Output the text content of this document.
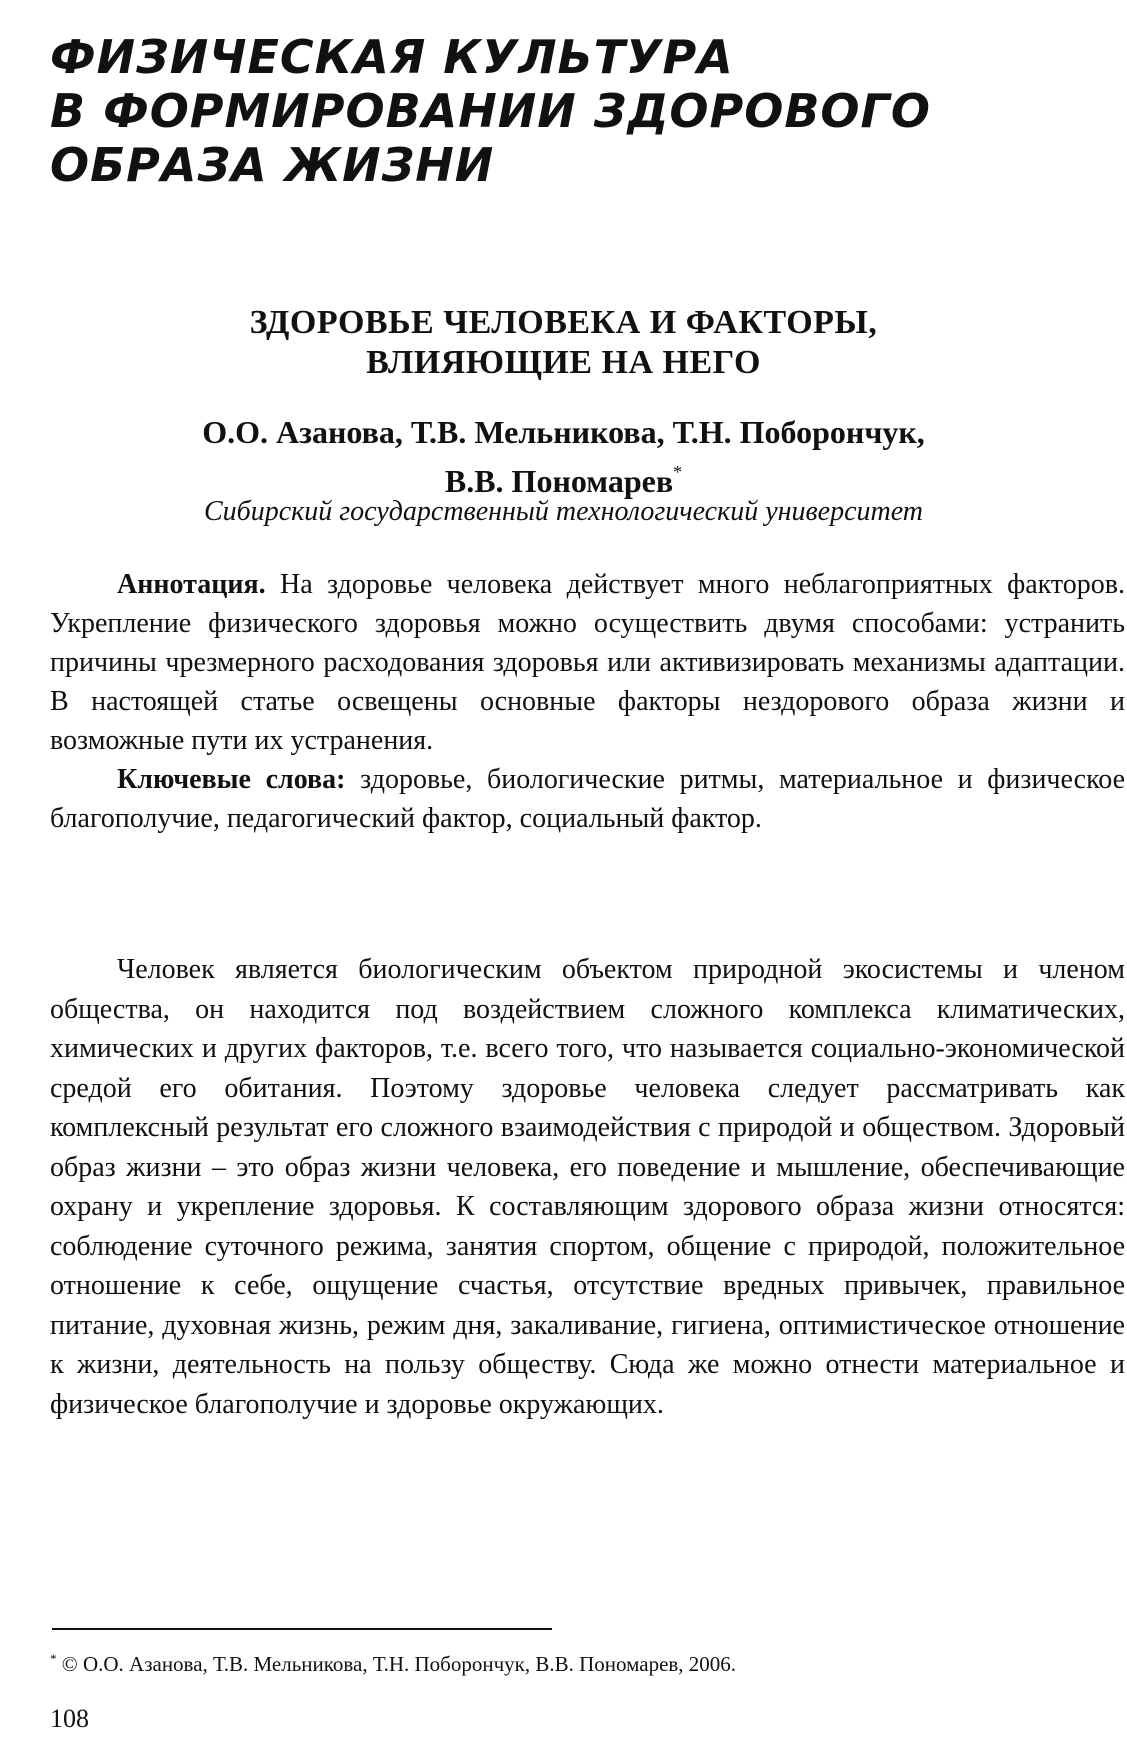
ФИЗИЧЕСКАЯ КУЛЬТУРА
В ФОРМИРОВАНИИ ЗДОРОВОГО
ОБРАЗА ЖИЗНИ
ЗДОРОВЬЕ ЧЕЛОВЕКА И ФАКТОРЫ,
ВЛИЯЮЩИЕ НА НЕГО
О.О. Азанова, Т.В. Мельникова, Т.Н. Поборончук,
В.В. Пономарев*
Сибирский государственный технологический университет

Аннотация. На здоровье человека действует много неблагоприятных факторов. Укрепление физического здоровья можно осуществить двумя способами: устранить причины чрезмерного расходования здоровья или активизировать механизмы адаптации. В настоящей статье освещены основные факторы нездорового образа жизни и возможные пути их устранения.

Ключевые слова: здоровье, биологические ритмы, материальное и физическое благополучие, педагогический фактор, социальный фактор.

Человек является биологическим объектом природной экосистемы и членом общества, он находится под воздействием сложного комплекса климатических, химических и других факторов, т.е. всего того, что называется социально-экономической средой его обитания. Поэтому здоровье человека следует рассматривать как комплексный результат его сложного взаимодействия с природой и обществом. Здоровый образ жизни – это образ жизни человека, его поведение и мышление, обеспечивающие охрану и укрепление здоровья. К составляющим здорового образа жизни относятся: соблюдение суточного режима, занятия спортом, общение с природой, положительное отношение к себе, ощущение счастья, отсутствие вредных привычек, правильное питание, духовная жизнь, режим дня, закаливание, гигиена, оптимистическое отношение к жизни, деятельность на пользу обществу. Сюда же можно отнести материальное и физическое благополучие и здоровье окружающих.

* © О.О. Азанова, Т.В. Мельникова, Т.Н. Поборончук, В.В. Пономарев, 2006.
108
